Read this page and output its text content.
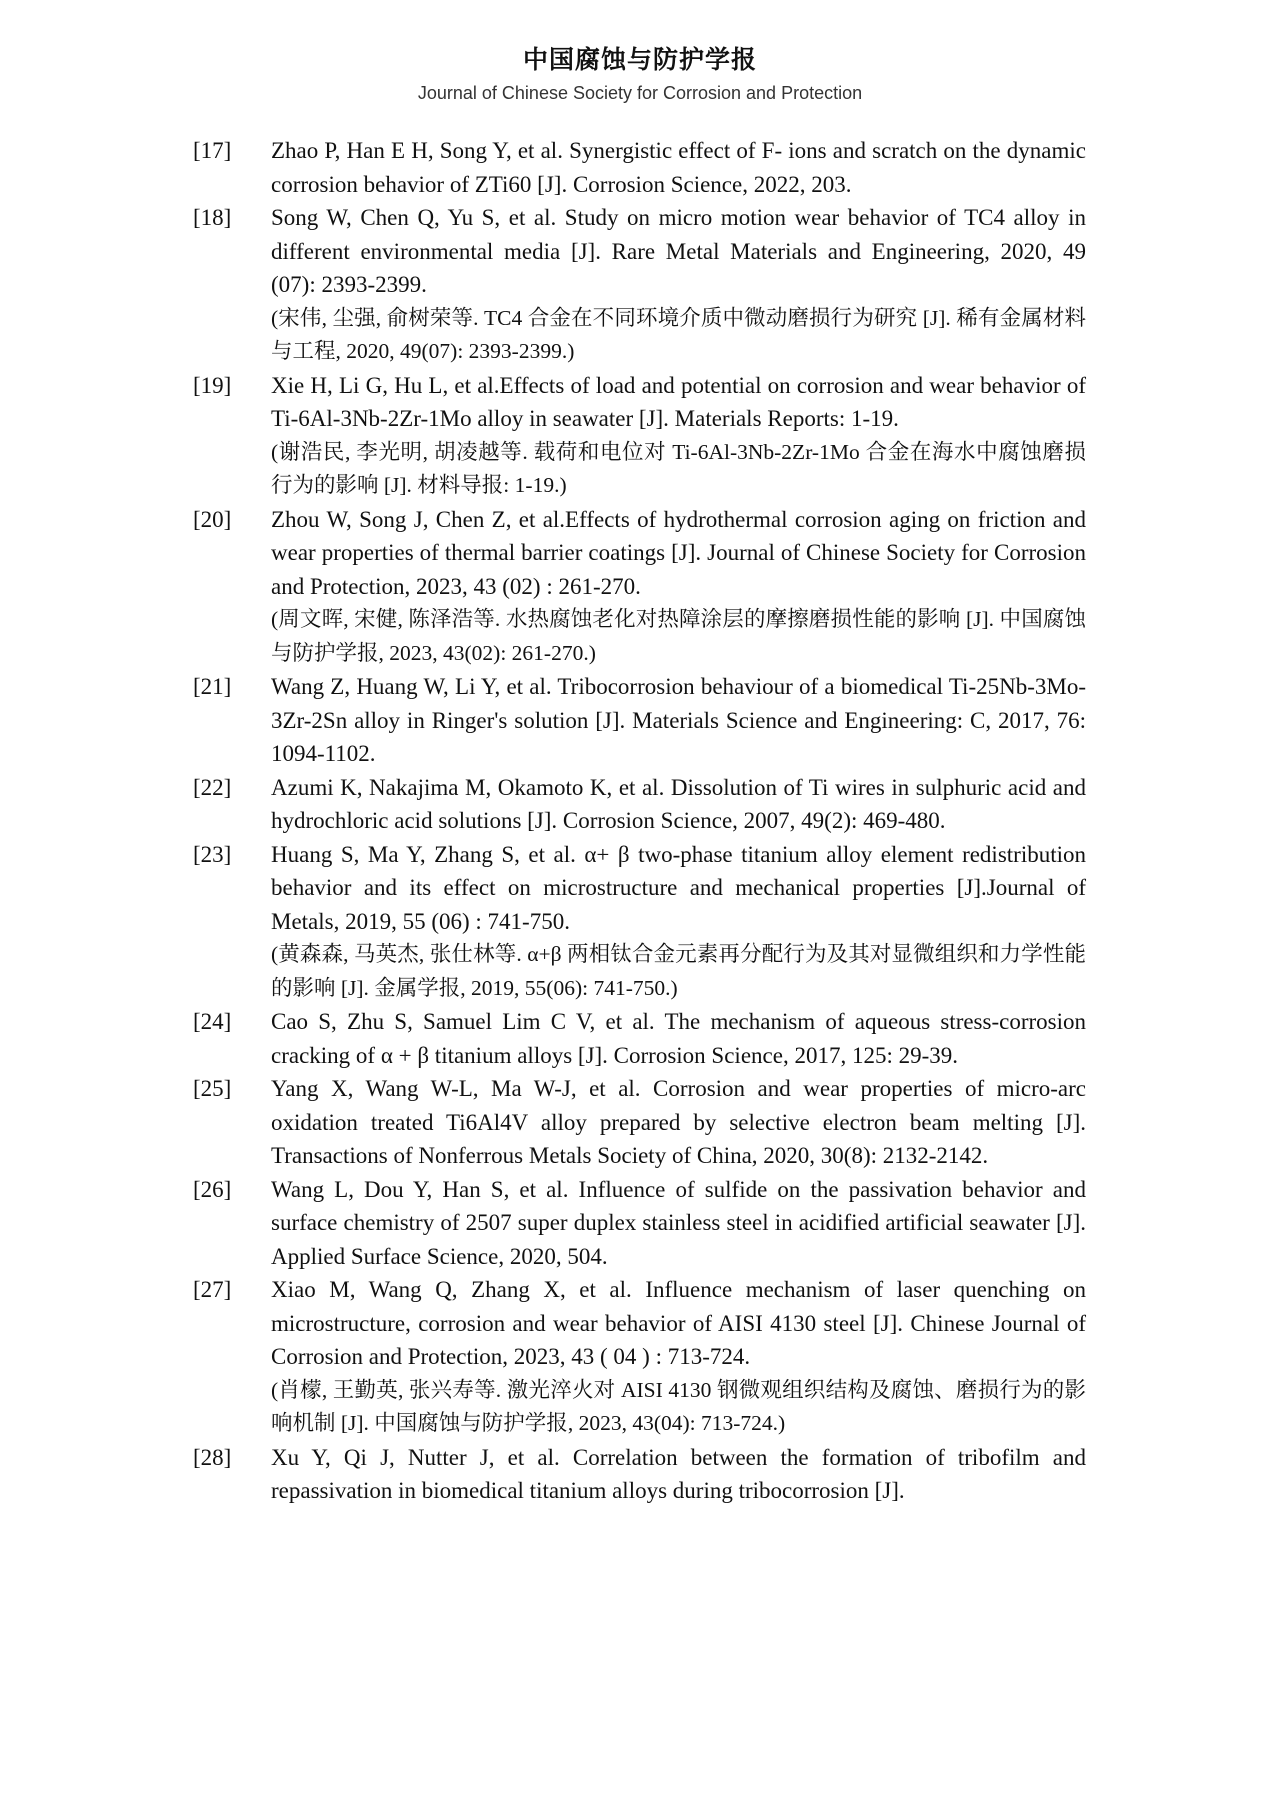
中国腐蚀与防护学报
Journal of Chinese Society for Corrosion and Protection
[17]	Zhao P, Han E H, Song Y, et al. Synergistic effect of F- ions and scratch on the dynamic corrosion behavior of ZTi60 [J]. Corrosion Science, 2022, 203.

[18]	Song W, Chen Q, Yu S, et al. Study on micro motion wear behavior of TC4 alloy in different environmental media [J]. Rare Metal Materials and Engineering, 2020, 49 (07): 2393-2399.

(宋伟, 尘强, 俞树荣等. TC4 合金在不同环境介质中微动磨损行为研究 [J]. 稀有金属材料与工程, 2020, 49(07): 2393-2399.)

[19]	Xie H, Li G, Hu L, et al.Effects of load and potential on corrosion and wear behavior of Ti-6Al-3Nb-2Zr-1Mo alloy in seawater [J]. Materials Reports: 1-19.

(谢浩民, 李光明, 胡凌越等. 载荷和电位对 Ti-6Al-3Nb-2Zr-1Mo 合金在海水中腐蚀磨损行为的影响 [J]. 材料导报: 1-19.)

[20]	Zhou W, Song J, Chen Z, et al.Effects of hydrothermal corrosion aging on friction and wear properties of thermal barrier coatings [J]. Journal of Chinese Society for Corrosion and Protection, 2023, 43 (02) : 261-270.

(周文晖, 宋健, 陈泽浩等. 水热腐蚀老化对热障涂层的摩擦磨损性能的影响 [J]. 中国腐蚀与防护学报, 2023, 43(02): 261-270.)

[21]	Wang Z, Huang W, Li Y, et al. Tribocorrosion behaviour of a biomedical Ti-25Nb-3Mo-3Zr-2Sn alloy in Ringer's solution [J]. Materials Science and Engineering: C, 2017, 76: 1094-1102.

[22]	Azumi K, Nakajima M, Okamoto K, et al. Dissolution of Ti wires in sulphuric acid and hydrochloric acid solutions [J]. Corrosion Science, 2007, 49(2): 469-480.

[23]	Huang S, Ma Y, Zhang S, et al. α+ β two-phase titanium alloy element redistribution behavior and its effect on microstructure and mechanical properties [J].Journal of Metals, 2019, 55 (06) : 741-750.

(黄森森, 马英杰, 张仕林等. α+β 两相钛合金元素再分配行为及其对显微组织和力学性能的影响 [J]. 金属学报, 2019, 55(06): 741-750.)

[24]	Cao S, Zhu S, Samuel Lim C V, et al. The mechanism of aqueous stress-corrosion cracking of α + β titanium alloys [J]. Corrosion Science, 2017, 125: 29-39.

[25]	Yang X, Wang W-L, Ma W-J, et al. Corrosion and wear properties of micro-arc oxidation treated Ti6Al4V alloy prepared by selective electron beam melting [J]. Transactions of Nonferrous Metals Society of China, 2020, 30(8): 2132-2142.

[26]	Wang L, Dou Y, Han S, et al. Influence of sulfide on the passivation behavior and surface chemistry of 2507 super duplex stainless steel in acidified artificial seawater [J]. Applied Surface Science, 2020, 504.

[27]	Xiao M, Wang Q, Zhang X, et al. Influence mechanism of laser quenching on microstructure, corrosion and wear behavior of AISI 4130 steel [J]. Chinese Journal of Corrosion and Protection, 2023, 43 ( 04 ) : 713-724.

(肖檬, 王勤英, 张兴寿等. 激光淬火对 AISI 4130 钢微观组织结构及腐蚀、磨损行为的影响机制 [J]. 中国腐蚀与防护学报, 2023, 43(04): 713-724.)

[28]	Xu Y, Qi J, Nutter J, et al. Correlation between the formation of tribofilm and repassivation in biomedical titanium alloys during tribocorrosion [J].
